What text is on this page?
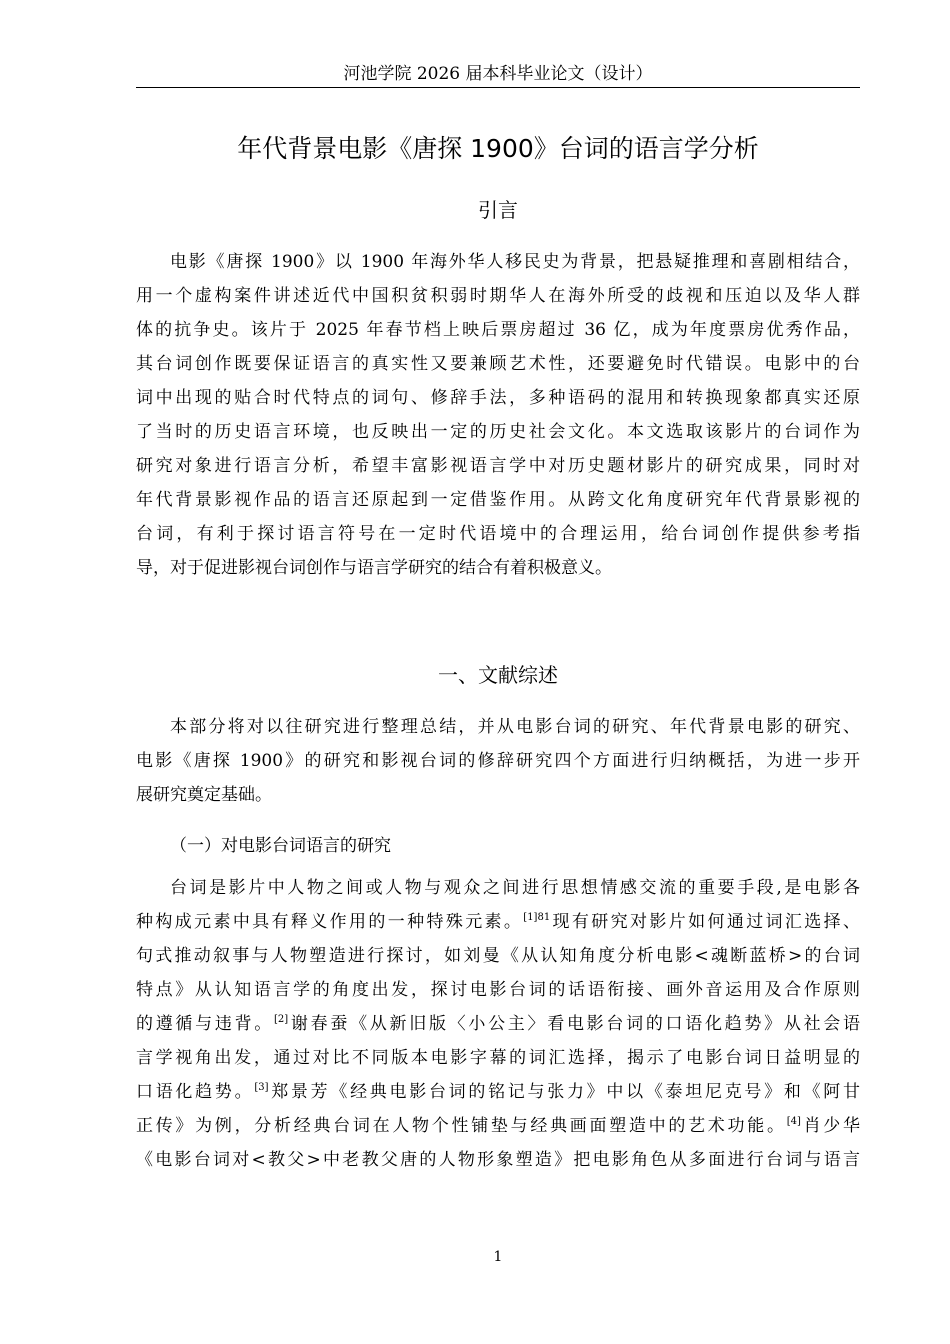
河池学院 2026 届本科毕业论文（设计）
年代背景电影《唐探 1900》台词的语言学分析
引言
电影《唐探 1900》以 1900 年海外华人移民史为背景，把悬疑推理和喜剧相结合，
用一个虚构案件讲述近代中国积贫积弱时期华人在海外所受的歧视和压迫以及华人群
体的抗争史。该片于 2025 年春节档上映后票房超过 36 亿，成为年度票房优秀作品，
其台词创作既要保证语言的真实性又要兼顾艺术性，还要避免时代错误。电影中的台
词中出现的贴合时代特点的词句、修辞手法，多种语码的混用和转换现象都真实还原
了当时的历史语言环境，也反映出一定的历史社会文化。本文选取该影片的台词作为
研究对象进行语言分析，希望丰富影视语言学中对历史题材影片的研究成果，同时对
年代背景影视作品的语言还原起到一定借鉴作用。从跨文化角度研究年代背景影视的
台词，有利于探讨语言符号在一定时代语境中的合理运用，给台词创作提供参考指
导，对于促进影视台词创作与语言学研究的结合有着积极意义。
一、文献综述
本部分将对以往研究进行整理总结，并从电影台词的研究、年代背景电影的研究、
电影《唐探 1900》的研究和影视台词的修辞研究四个方面进行归纳概括，为进一步开
展研究奠定基础。
（一）对电影台词语言的研究
台词是影片中人物之间或人物与观众之间进行思想情感交流的重要手段,是电影各
种构成元素中具有释义作用的一种特殊元素。$^{[1]81}$现有研究对影片如何通过词汇选择、
句式推动叙事与人物塑造进行探讨，如刘曼《从认知角度分析电影<魂断蓝桥>的台词
特点》从认知语言学的角度出发，探讨电影台词的话语衔接、画外音运用及合作原则
的遵循与违背。[2]谢春蚕《从新旧版〈小公主〉看电影台词的口语化趋势》从社会语
言学视角出发，通过对比不同版本电影字幕的词汇选择，揭示了电影台词日益明显的
口语化趋势。[3]郑景芳《经典电影台词的铭记与张力》中以《泰坦尼克号》和《阿甘
正传》为例，分析经典台词在人物个性铺垫与经典画面塑造中的艺术功能。[4]肖少华
《电影台词对<教父>中老教父唐的人物形象塑造》把电影角色从多面进行台词与语言
1
